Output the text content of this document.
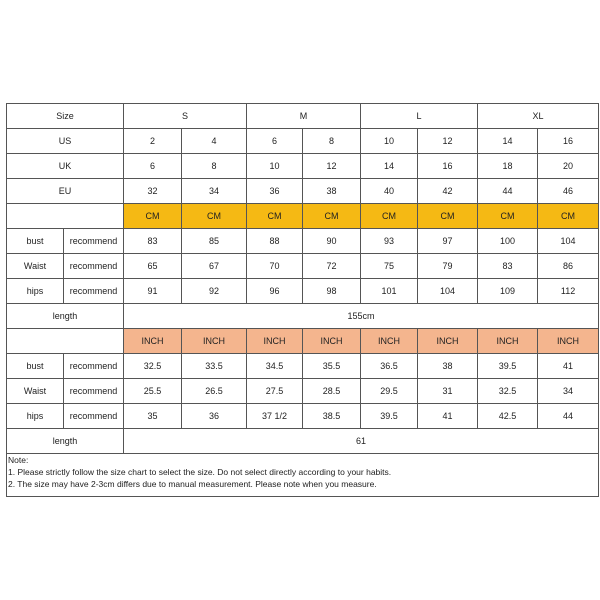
Size		S		M		L		XL	
US		2	4	6	8	10	12	14	16
UK		6	8	10	12	14	16	18	20
EU		32	34	36	38	40	42	44	46
		CM	CM	CM	CM	CM	CM	CM	CM
bust	recommend	83	85	88	90	93	97	100	104
Waist	recommend	65	67	70	72	75	79	83	86
hips	recommend	91	92	96	98	101	104	109	112
length		155cm							
		INCH	INCH	INCH	INCH	INCH	INCH	INCH	INCH
bust	recommend	32.5	33.5	34.5	35.5	36.5	38	39.5	41
Waist	recommend	25.5	26.5	27.5	28.5	29.5	31	32.5	34
hips	recommend	35	36	37 1/2	38.5	39.5	41	42.5	44
length		61							
Note:
1. Please strictly follow the size chart to select the size. Do not select directly according to your habits.
2. The size may have 2-3cm differs due to manual measurement. Please note when you measure.
